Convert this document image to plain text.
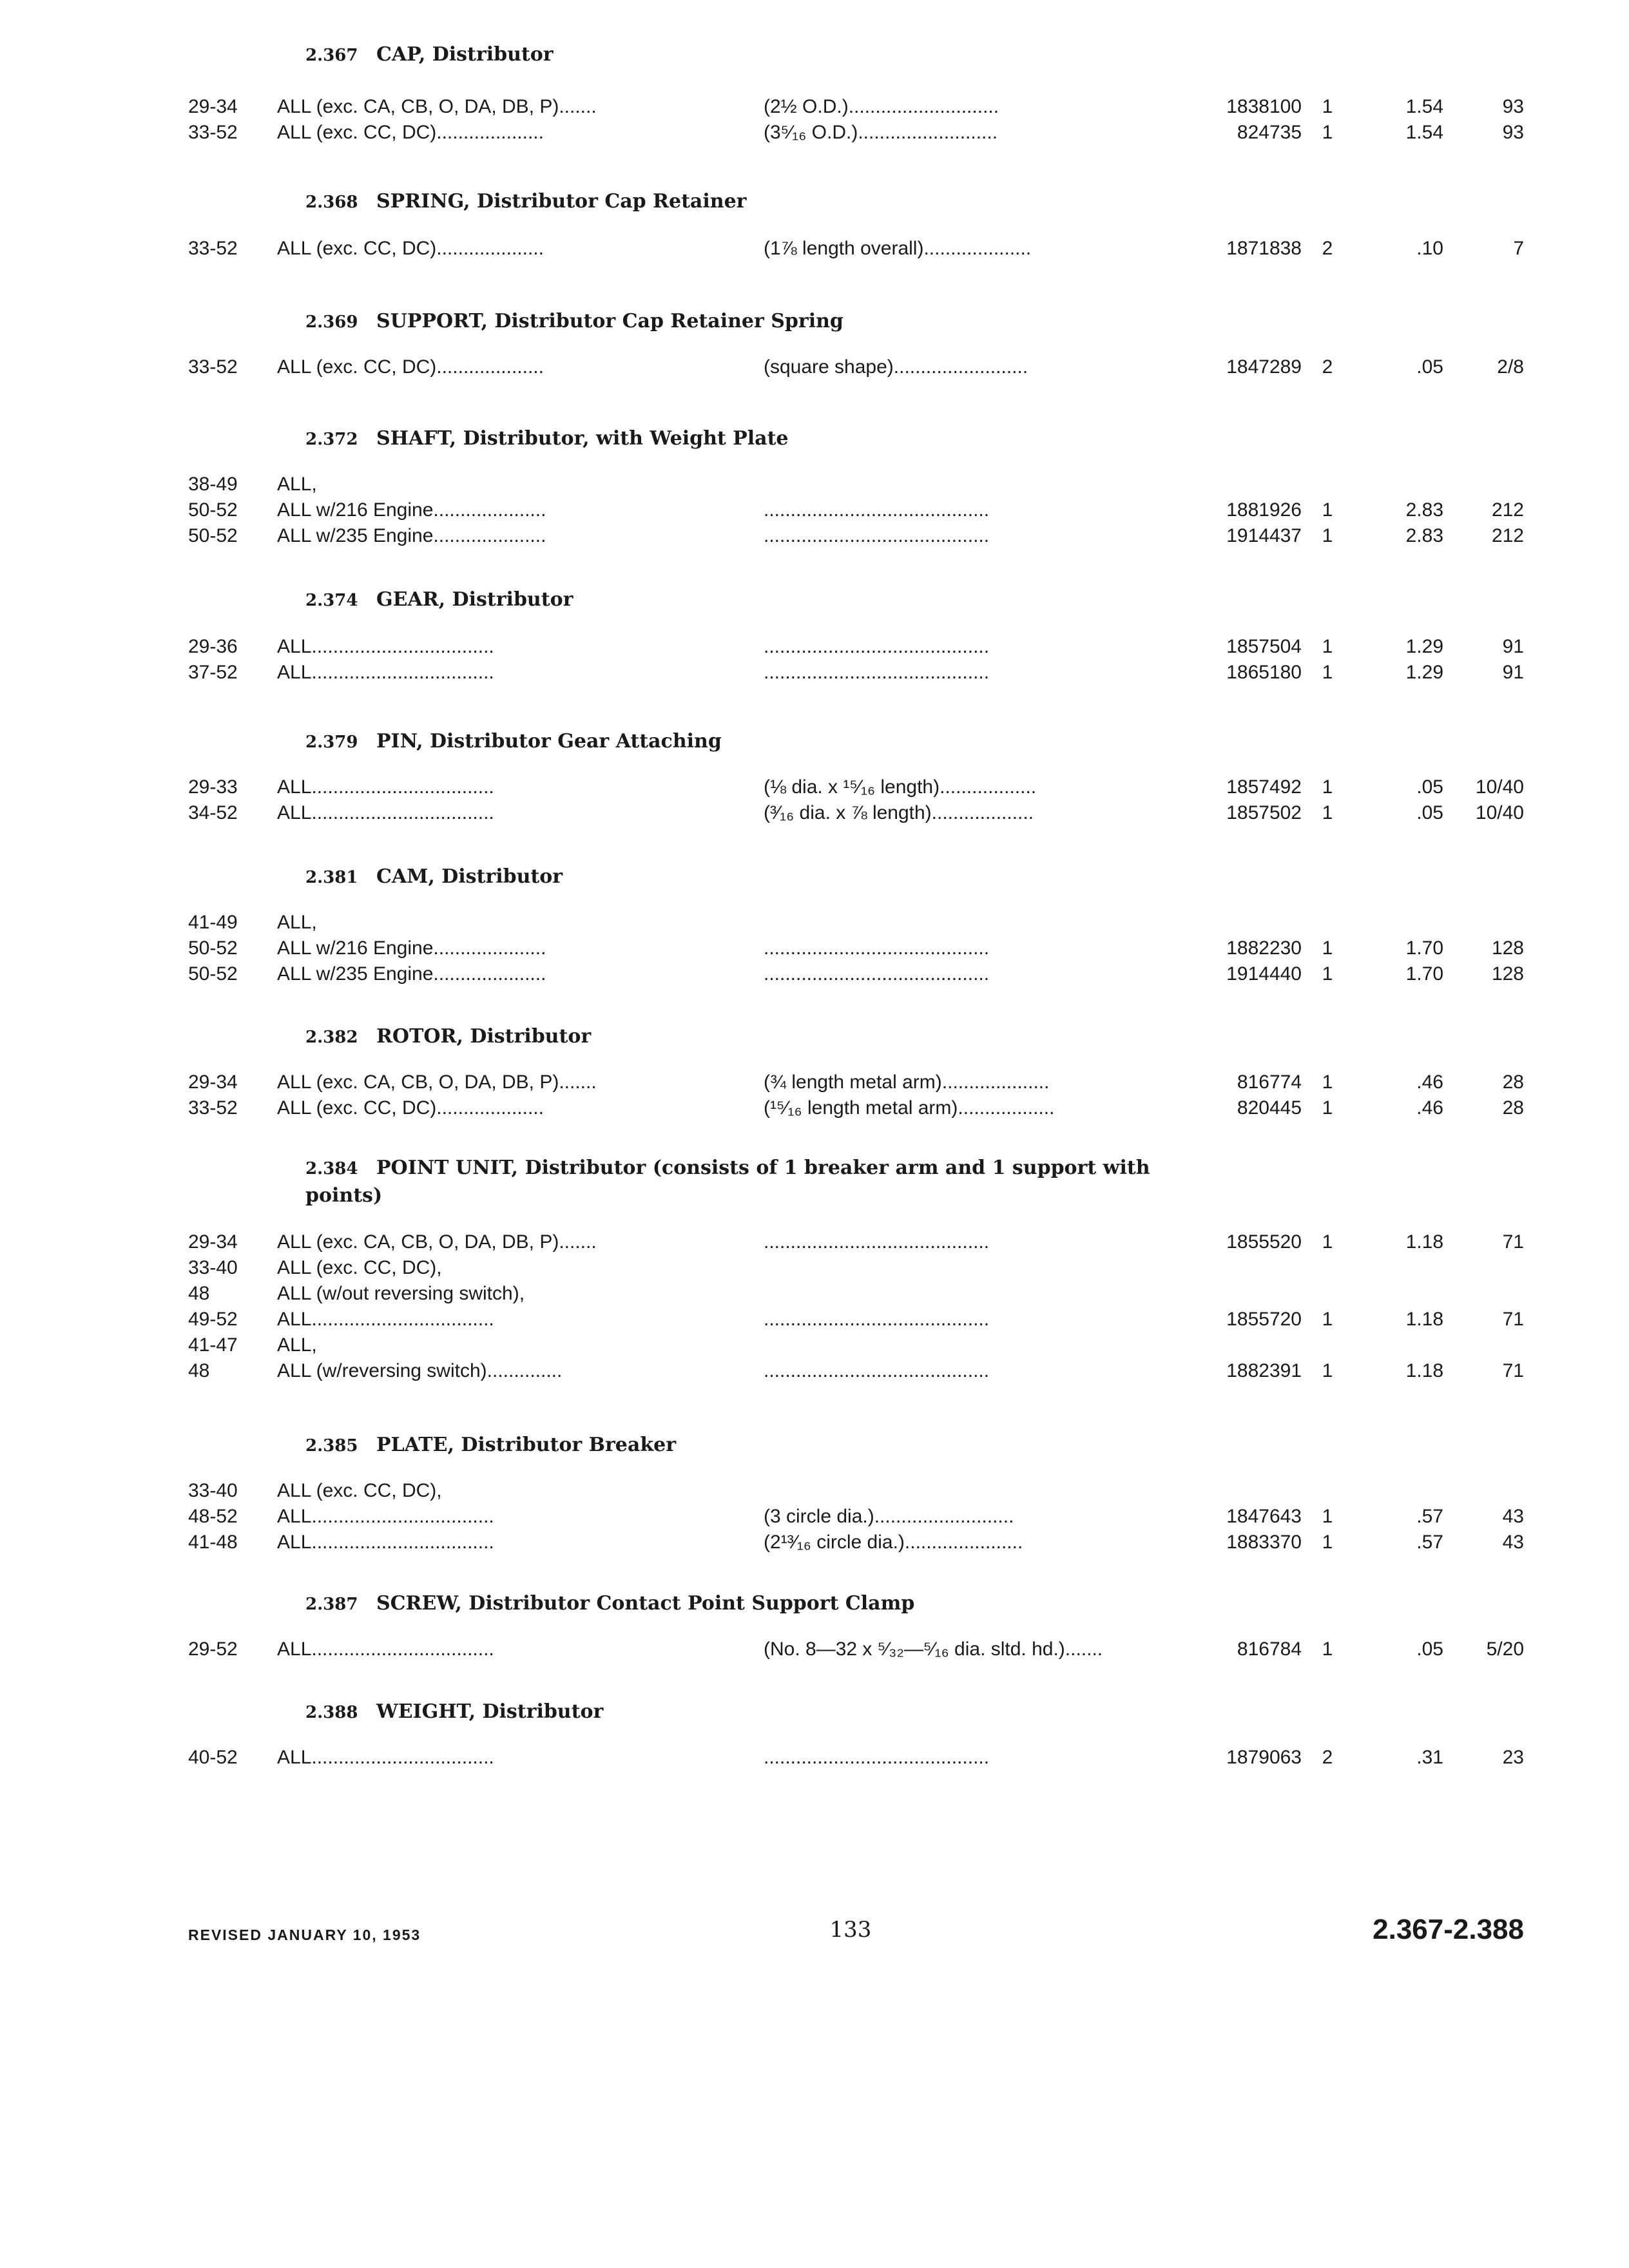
2.367 CAP, Distributor
29-34	ALL (exc. CA, CB, O, DA, DB, P).......	(2½ O.D.)............................	1838100	1	1.54	93
33-52	ALL (exc. CC, DC)....................	(3⁵⁄₁₆ O.D.)..........................	824735	1	1.54	93
2.368 SPRING, Distributor Cap Retainer
33-52	ALL (exc. CC, DC)....................	(1⅞ length overall)....................	1871838	2	.10	7
2.369 SUPPORT, Distributor Cap Retainer Spring
33-52	ALL (exc. CC, DC)....................	(square shape).........................	1847289	2	.05	2/8
2.372 SHAFT, Distributor, with Weight Plate
38-49	ALL,
50-52	ALL w/216 Engine.....................	..........................................	1881926	1	2.83	212
50-52	ALL w/235 Engine.....................	..........................................	1914437	1	2.83	212
2.374 GEAR, Distributor
29-36	ALL..................................	..........................................	1857504	1	1.29	91
37-52	ALL..................................	..........................................	1865180	1	1.29	91
2.379 PIN, Distributor Gear Attaching
29-33	ALL..................................	(⅛ dia. x ¹⁵⁄₁₆ length)..................	1857492	1	.05	10/40
34-52	ALL..................................	(³⁄₁₆ dia. x ⅞ length)...................	1857502	1	.05	10/40
2.381 CAM, Distributor
41-49	ALL,
50-52	ALL w/216 Engine.....................	..........................................	1882230	1	1.70	128
50-52	ALL w/235 Engine.....................	..........................................	1914440	1	1.70	128
2.382 ROTOR, Distributor
29-34	ALL (exc. CA, CB, O, DA, DB, P).......	(¾ length metal arm)....................	816774	1	.46	28
33-52	ALL (exc. CC, DC)....................	(¹⁵⁄₁₆ length metal arm)..................	820445	1	.46	28
2.384 POINT UNIT, Distributor (consists of 1 breaker arm and 1 support with points)
29-34	ALL (exc. CA, CB, O, DA, DB, P).......	..........................................	1855520	1	1.18	71
33-40	ALL (exc. CC, DC),
48	ALL (w/out reversing switch),
49-52	ALL..................................	..........................................	1855720	1	1.18	71
41-47	ALL,
48	ALL (w/reversing switch)..............	..........................................	1882391	1	1.18	71
2.385 PLATE, Distributor Breaker
33-40	ALL (exc. CC, DC),
48-52	ALL..................................	(3 circle dia.)..........................	1847643	1	.57	43
41-48	ALL..................................	(2¹³⁄₁₆ circle dia.)......................	1883370	1	.57	43
2.387 SCREW, Distributor Contact Point Support Clamp
29-52	ALL..................................	(No. 8—32 x ⁵⁄₃₂—⁵⁄₁₆ dia. sltd. hd.).......	816784	1	.05	5/20
2.388 WEIGHT, Distributor
40-52	ALL..................................	..........................................	1879063	2	.31	23
REVISED JANUARY 10, 1953	133	2.367-2.388
